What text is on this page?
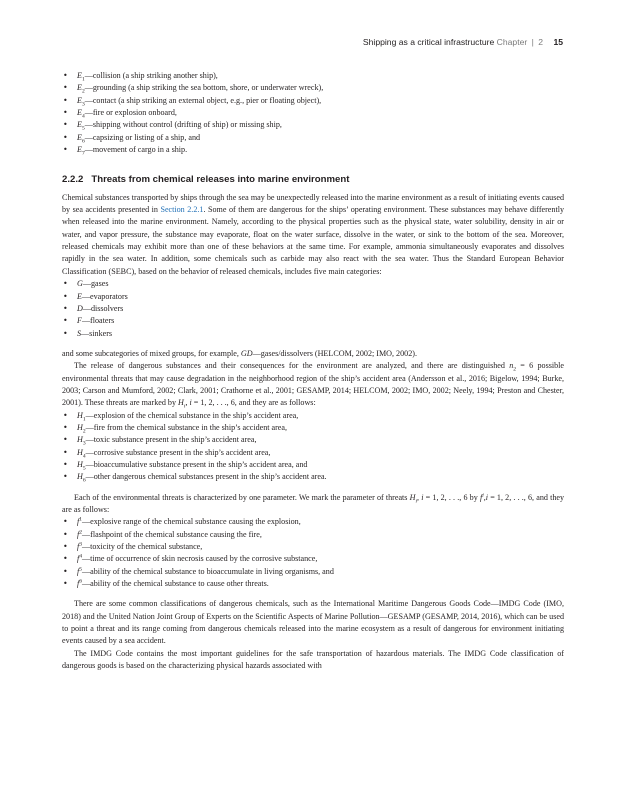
Shipping as a critical infrastructure Chapter | 2 15
• $E_1—collision$ (a ship striking another ship),
• $E_2—grounding$ (a ship striking the sea bottom, shore, or underwater wreck),
• $E_3—contact$ (a ship striking an external object, e.g., pier or floating object),
• $E_4—fire$ or explosion onboard,
• $E_5—shipping$ without control (drifting of ship) or missing ship,
• $E_6—capsizing$ or listing of a ship, and
• $E_7—movement$ of cargo in a ship.
2.2.2 Threats from chemical releases into marine environment

Chemical substances transported by ships through the sea may be unexpectedly released into the marine environment as a result of initiating events caused by sea accidents presented in Section 2.2.1. Some of them are dangerous for the ships’ operating environment. These substances may behave differently when released into the marine environment. Namely, according to the physical properties such as the physical state, water solubility, density in air or water, and vapor pressure, the substance may evaporate, float on the water surface, dissolve in the water, or sink to the bottom of the sea. Moreover, released chemicals may exhibit more than one of these behaviors at the same time. For example, ammonia simultaneously evaporates and dissolves rapidly in the sea water. In addition, some chemicals such as carbide may also react with the sea water. Thus the Standard European Behavior Classification (SEBC), based on the behavior of released chemicals, includes five main categories:

• G—gases
• E—evaporators
• D—dissolvers
• F—floaters
• S—sinkers

and some subcategories of mixed groups, for example, GD—gases/dissolvers (HELCOM, 2002; IMO, 2002).

The release of dangerous substances and their consequences for the environment are analyzed, and there are distinguished $n_2 = 6$ possible environmental threats that may cause degradation in the neighborhood region of the ship’s accident area (Andersson et al., 2016; Bigelow, 1994; Burke, 2003; Carson and Mumford, 2002; Clark, 2001; Crathorne et al., 2001; GESAMP, 2014; HELCOM, 2002; IMO, 2002; Neely, 1994; Preston and Chester, 2001). These threats are marked by $H_i$, i = 1, 2, . . ., 6, and they are as follows:

• $H_1—explosion$ of the chemical substance in the ship’s accident area,
• $H_2—fire$ from the chemical substance in the ship’s accident area,
• $H_3—toxic$ substance present in the ship’s accident area,
• $H_4—corrosive$ substance present in the ship’s accident area,
• $H_5—bioaccumulative$ substance present in the ship’s accident area, and
• $H_6—other$ dangerous chemical substances present in the ship’s accident area.

Each of the environmental threats is characterized by one parameter. We mark the parameter of threats $H_i$, i = 1, 2, . . ., 6 by $f^i,i = 1$, 2, . . ., 6, and they are as follows:

• $f^1—explosive$ range of the chemical substance causing the explosion,
• $f^2—flashpoint$ of the chemical substance causing the fire,
• $f^3—toxicity$ of the chemical substance,
• $f^4—time$ of occurrence of skin necrosis caused by the corrosive substance,
• $f^5—ability$ of the chemical substance to bioaccumulate in living organisms, and
• $f^6—ability$ of the chemical substance to cause other threats.

There are some common classifications of dangerous chemicals, such as the International Maritime Dangerous Goods Code—IMDG Code (IMO, 2018) and the United Nation Joint Group of Experts on the Scientific Aspects of Marine Pollution—GESAMP (GESAMP, 2014, 2016), which can be used to point a threat and its range coming from dangerous chemicals released into the marine ecosystem as a result of dangerous for environment initiating events caused by a sea accident.

The IMDG Code contains the most important guidelines for the safe transportation of hazardous materials. The IMDG Code classification of dangerous goods is based on the characterizing physical hazards associated with
